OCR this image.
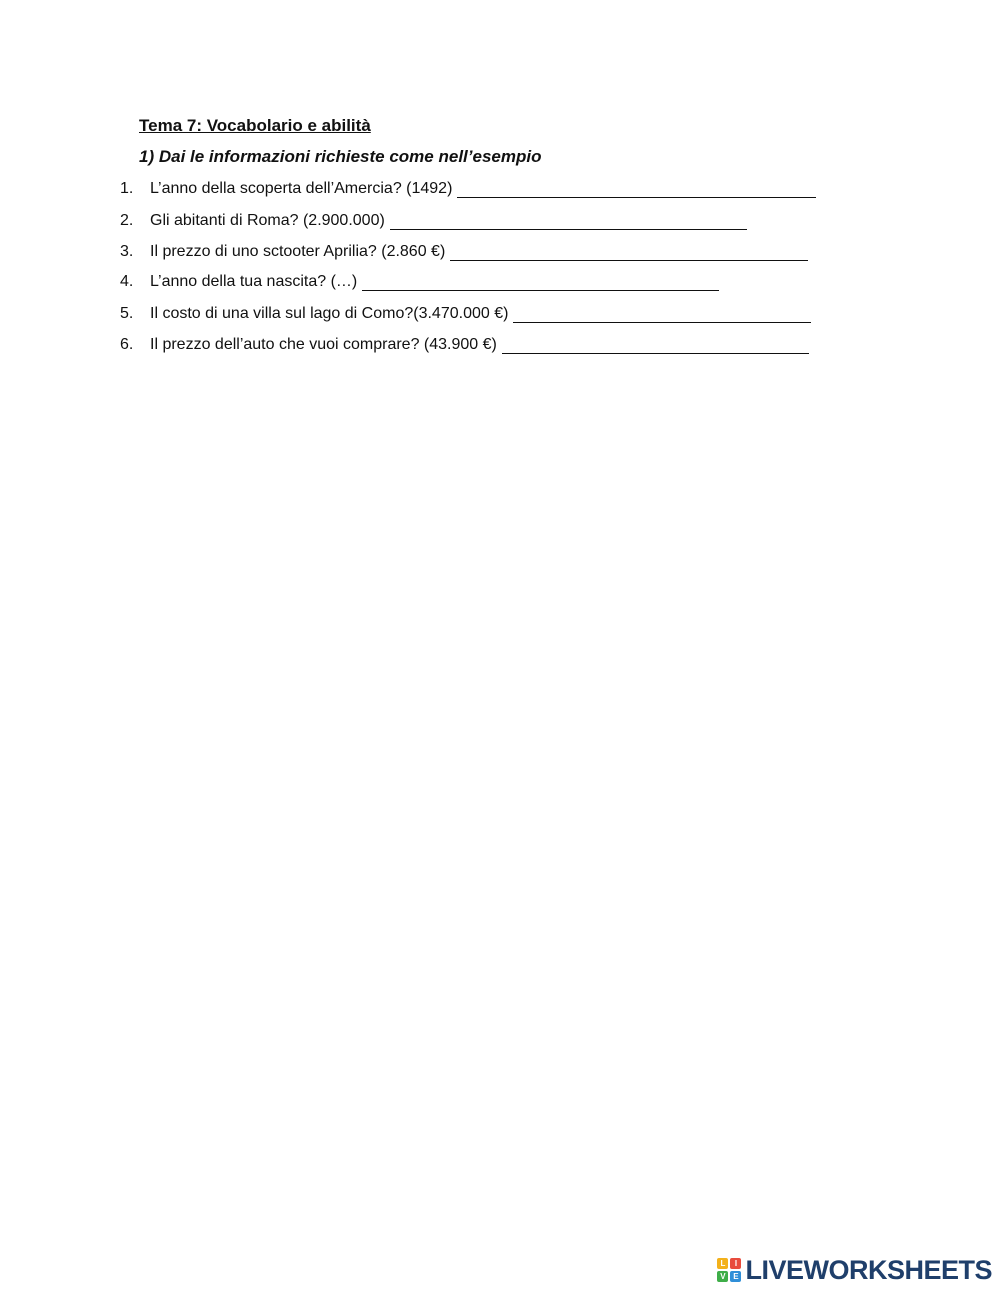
Tema 7: Vocabolario e abilità
1) Dai le informazioni richieste come nell’esempio
1.	L’anno della scoperta dell’Amercia? (1492)
2.	Gli abitanti di Roma? (2.900.000)
3.	Il prezzo di uno sctooter Aprilia? (2.860 €)
4.	L’anno della tua nascita? (…)
5.	Il costo di una villa sul lago di Como?(3.470.000 €)
6.	Il prezzo dell’auto che vuoi comprare? (43.900 €)
L	I
V E LIVEWORKSHEETS
